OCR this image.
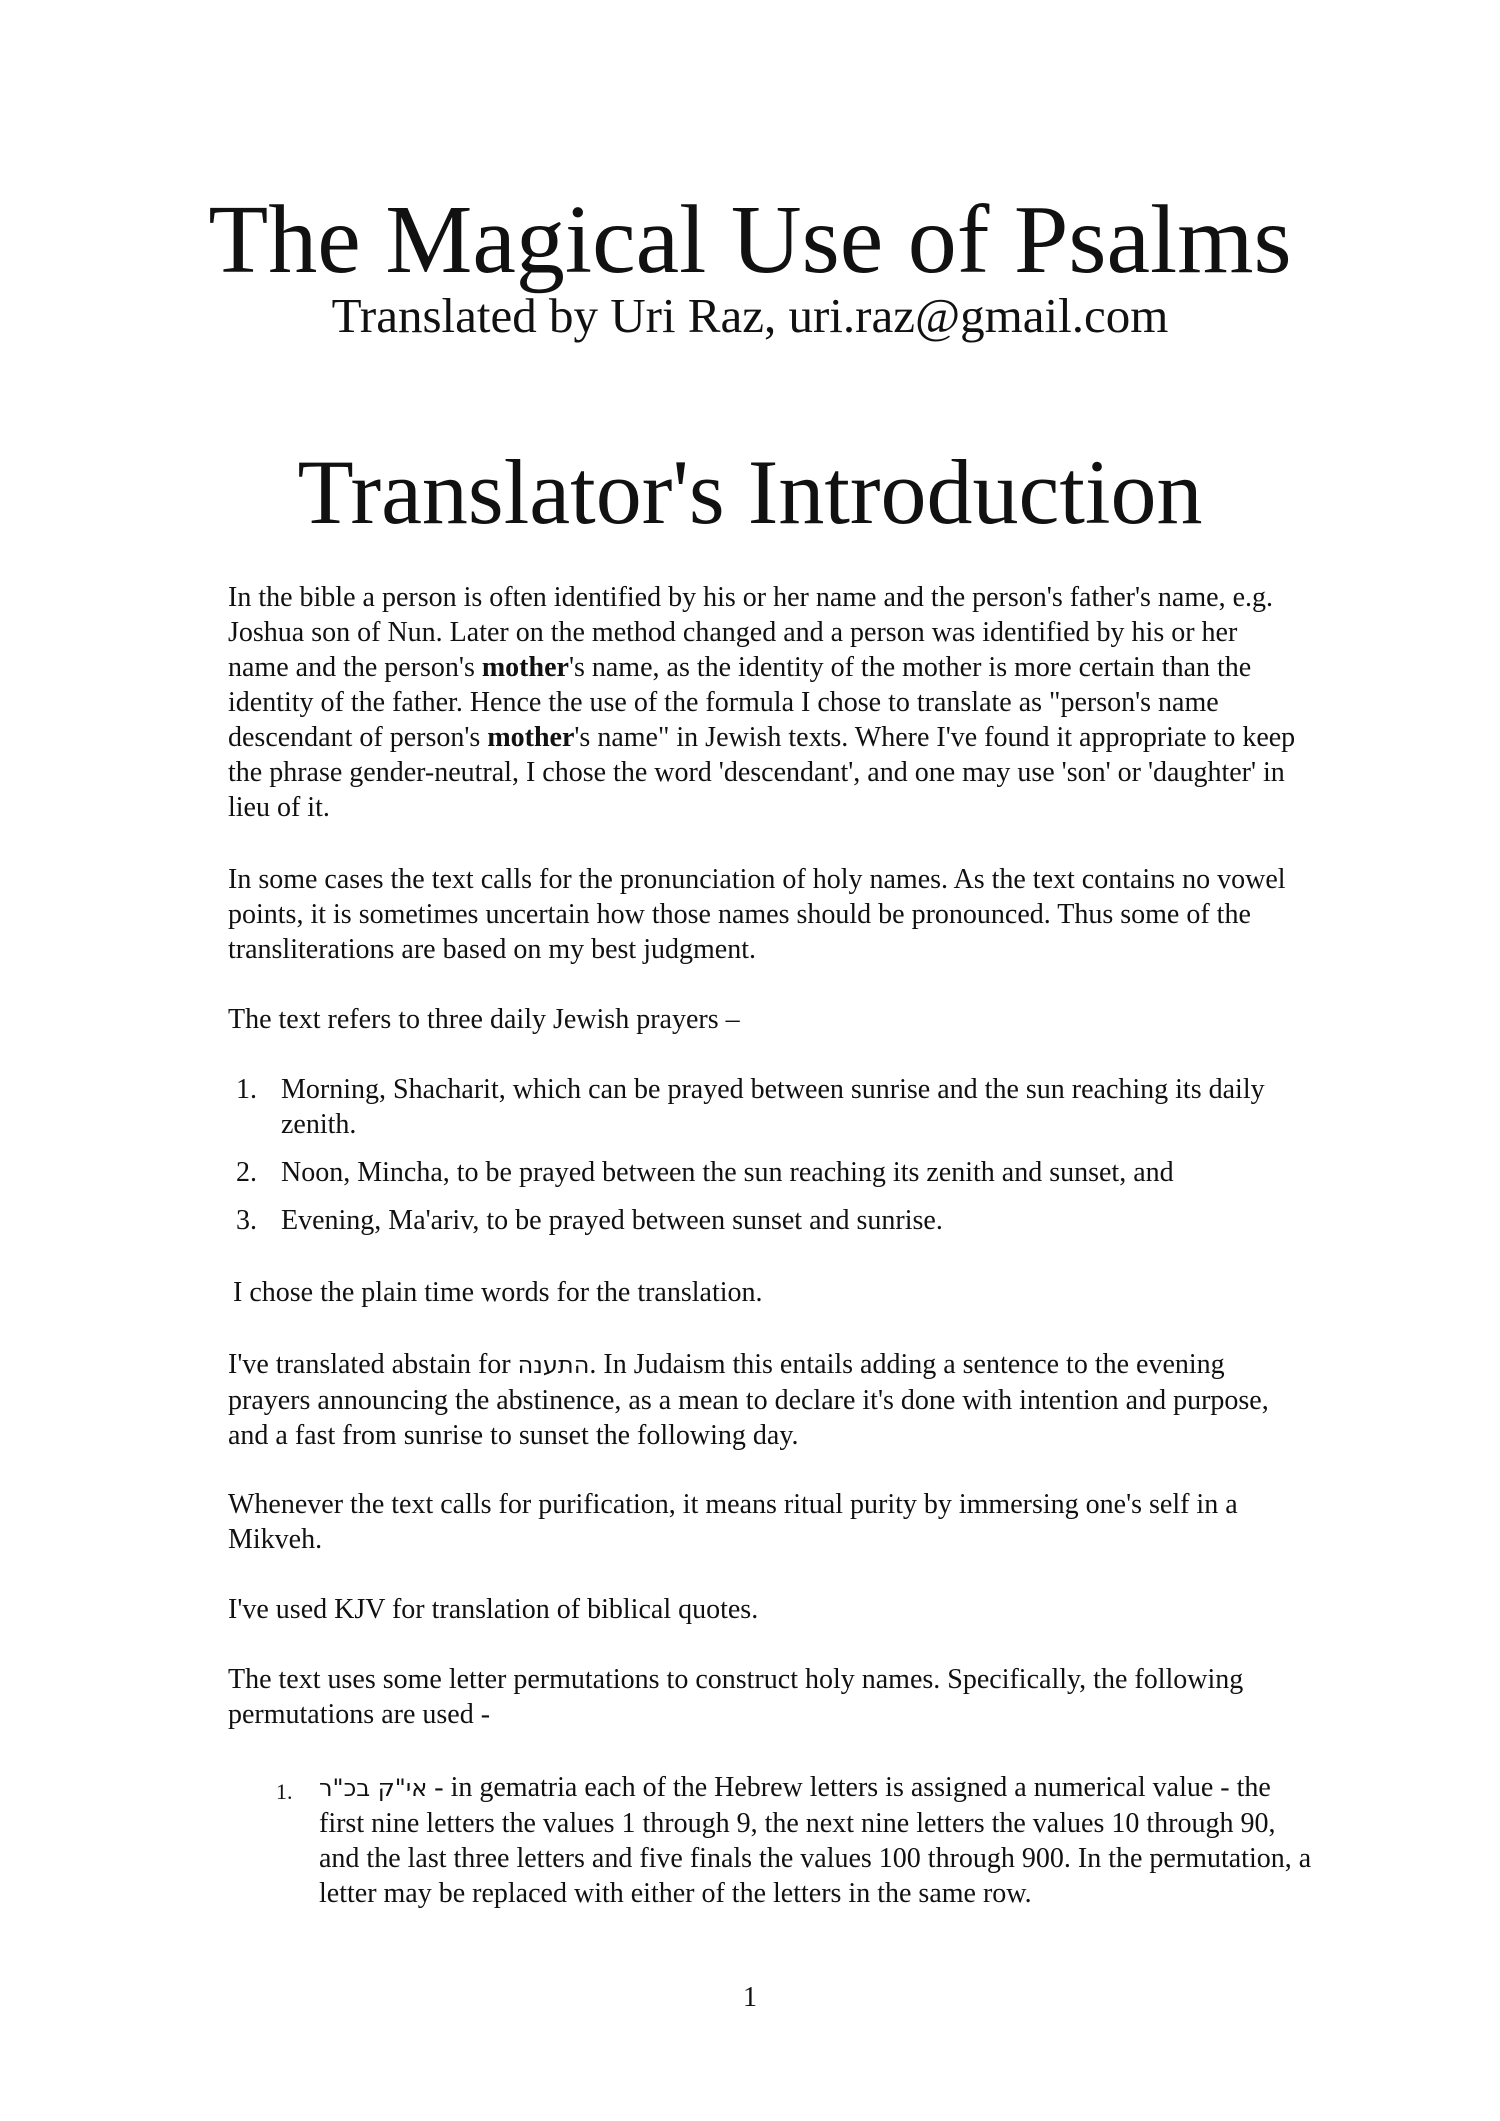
The Magical Use of Psalms

Translated by Uri Raz, uri.raz@gmail.com

Translator's Introduction

In the bible a person is often identified by his or her name and the person's father's name, e.g. Joshua son of Nun. Later on the method changed and a person was identified by his or her name and the person's mother's name, as the identity of the mother is more certain than the identity of the father. Hence the use of the formula I chose to translate as "person's name descendant of person's mother's name" in Jewish texts. Where I've found it appropriate to keep the phrase gender-neutral, I chose the word 'descendant', and one may use 'son' or 'daughter' in lieu of it.

In some cases the text calls for the pronunciation of holy names. As the text contains no vowel points, it is sometimes uncertain how those names should be pronounced. Thus some of the transliterations are based on my best judgment.

The text refers to three daily Jewish prayers –

1. Morning, Shacharit, which can be prayed between sunrise and the sun reaching its daily zenith.
2. Noon, Mincha, to be prayed between the sun reaching its zenith and sunset, and
3. Evening, Ma'ariv, to be prayed between sunset and sunrise.

I chose the plain time words for the translation.

I've translated abstain for התענה. In Judaism this entails adding a sentence to the evening prayers announcing the abstinence, as a mean to declare it's done with intention and purpose, and a fast from sunrise to sunset the following day.

Whenever the text calls for purification, it means ritual purity by immersing one's self in a Mikveh.

I've used KJV for translation of biblical quotes.

The text uses some letter permutations to construct holy names. Specifically, the following permutations are used -

1. אי"ק בכ"ר - in gematria each of the Hebrew letters is assigned a numerical value - the first nine letters the values 1 through 9, the next nine letters the values 10 through 90, and the last three letters and five finals the values 100 through 900. In the permutation, a letter may be replaced with either of the letters in the same row.

1
